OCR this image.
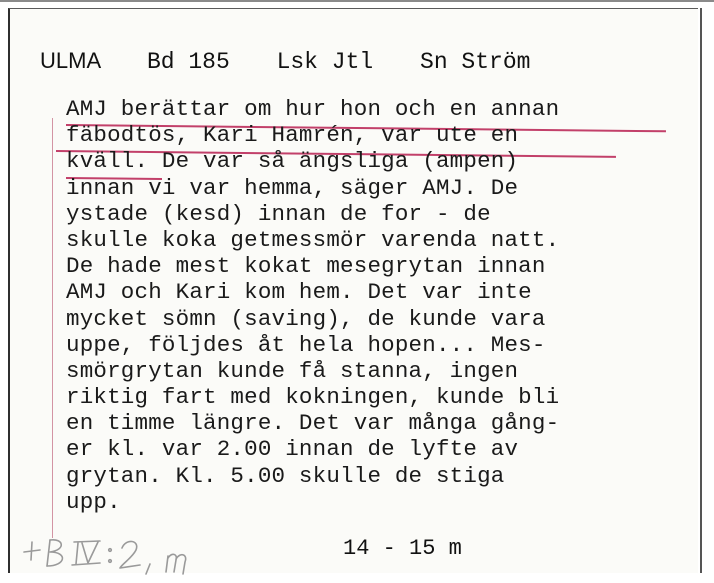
ULMA Bd 185 Lsk Jtl Sn Ström
AMJ berättar om hur hon och en annan
fäbodtös, Kari Hamrén, var ute en
kväll. De var så ängsliga (ampen)
innan vi var hemma, säger AMJ. De
ystade (kesd) innan de for - de
skulle koka getmessmör varenda natt.
De hade mest kokat mesegrytan innan
AMJ och Kari kom hem. Det var inte
mycket sömn (saving), de kunde vara
uppe, följdes åt hela hopen... Mes-
smörgrytan kunde få stanna, ingen
riktig fart med kokningen, kunde bli
en timme längre. Det var många gång-
er kl. var 2.00 innan de lyfte av
grytan. Kl. 5.00 skulle de stiga
upp.
14 - 15 m
